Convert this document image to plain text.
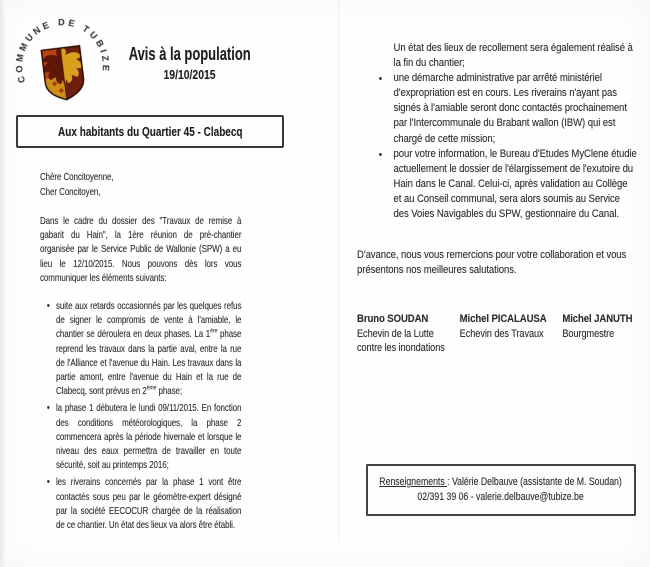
COMMUNE DE TUBIZE
Avis à la population
19/10/2015
Aux habitants du Quartier 45 - Clabecq
Chère Concitoyenne,
Cher Concitoyen,
Dans le cadre du dossier des "Travaux de remise à gabarit du Hain", la 1ère réunion de pré-chantier organisée par le Service Public de Wallonie (SPW) a eu lieu le 12/10/2015. Nous pouvons dès lors vous communiquer les éléments suivants:
• suite aux retards occasionnés par les quelques refus de signer le compromis de vente à l'amiable, le chantier se déroulera en deux phases. La 1ère phase reprend les travaux dans la partie aval, entre la rue de l'Alliance et l'avenue du Hain. Les travaux dans la partie amont, entre l'avenue du Hain et la rue de Clabecq, sont prévus en 2ème phase;
• la phase 1 débutera le lundi 09/11/2015. En fonction des conditions météorologiques, la phase 2 commencera après la période hivernale et lorsque le niveau des eaux permettra de travailler en toute sécurité, soit au printemps 2016;
• les riverains concernés par la phase 1 vont être contactés sous peu par le géomètre-expert désigné par la société EECOCUR chargée de la réalisation de ce chantier. Un état des lieux va alors être établi.
Un état des lieux de recollement sera également réalisé à la fin du chantier;
• une démarche administrative par arrêté ministériel d'expropriation est en cours. Les riverains n'ayant pas signés à l'amiable seront donc contactés prochainement par l'Intercommunale du Brabant wallon (IBW) qui est chargé de cette mission;
• pour votre information, le Bureau d'Etudes MyClene étudie actuellement le dossier de l'élargissement de l'exutoire du Hain dans le Canal. Celui-ci, après validation au Collège et au Conseil communal, sera alors soumis au Service des Voies Navigables du SPW, gestionnaire du Canal.
D'avance, nous vous remercions pour votre collaboration et vous présentons nos meilleures salutations.
Bruno SOUDAN
Echevin de la Lutte
contre les inondations
Michel PICALAUSA
Echevin des Travaux
Michel JANUTH
Bourgmestre
Renseignements : Valérie Delbauve (assistante de M. Soudan)
02/391 39 06 - valerie.delbauve@tubize.be
